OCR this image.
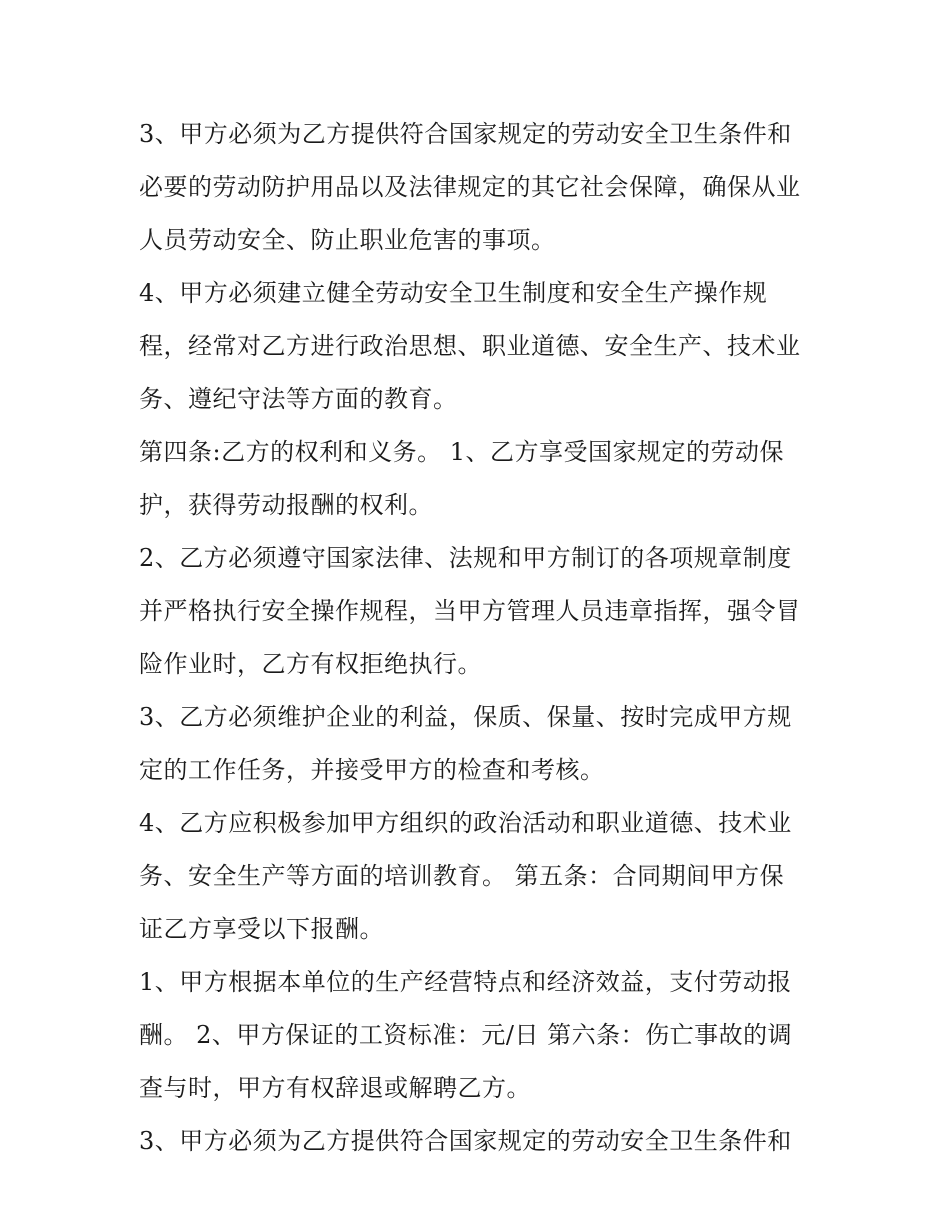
3、甲方必须为乙方提供符合国家规定的劳动安全卫生条件和
必要的劳动防护用品以及法律规定的其它社会保障，确保从业
人员劳动安全、防止职业危害的事项。
4、甲方必须建立健全劳动安全卫生制度和安全生产操作规
程，经常对乙方进行政治思想、职业道德、安全生产、技术业
务、遵纪守法等方面的教育。
第四条:乙方的权利和义务。 1、乙方享受国家规定的劳动保
护，获得劳动报酬的权利。
2、乙方必须遵守国家法律、法规和甲方制订的各项规章制度
并严格执行安全操作规程，当甲方管理人员违章指挥，强令冒
险作业时，乙方有权拒绝执行。
3、乙方必须维护企业的利益，保质、保量、按时完成甲方规
定的工作任务，并接受甲方的检查和考核。
4、乙方应积极参加甲方组织的政治活动和职业道德、技术业
务、安全生产等方面的培训教育。 第五条：合同期间甲方保
证乙方享受以下报酬。
1、甲方根据本单位的生产经营特点和经济效益，支付劳动报
酬。 2、甲方保证的工资标准：元/日 第六条：伤亡事故的调
查与时，甲方有权辞退或解聘乙方。
3、甲方必须为乙方提供符合国家规定的劳动安全卫生条件和
